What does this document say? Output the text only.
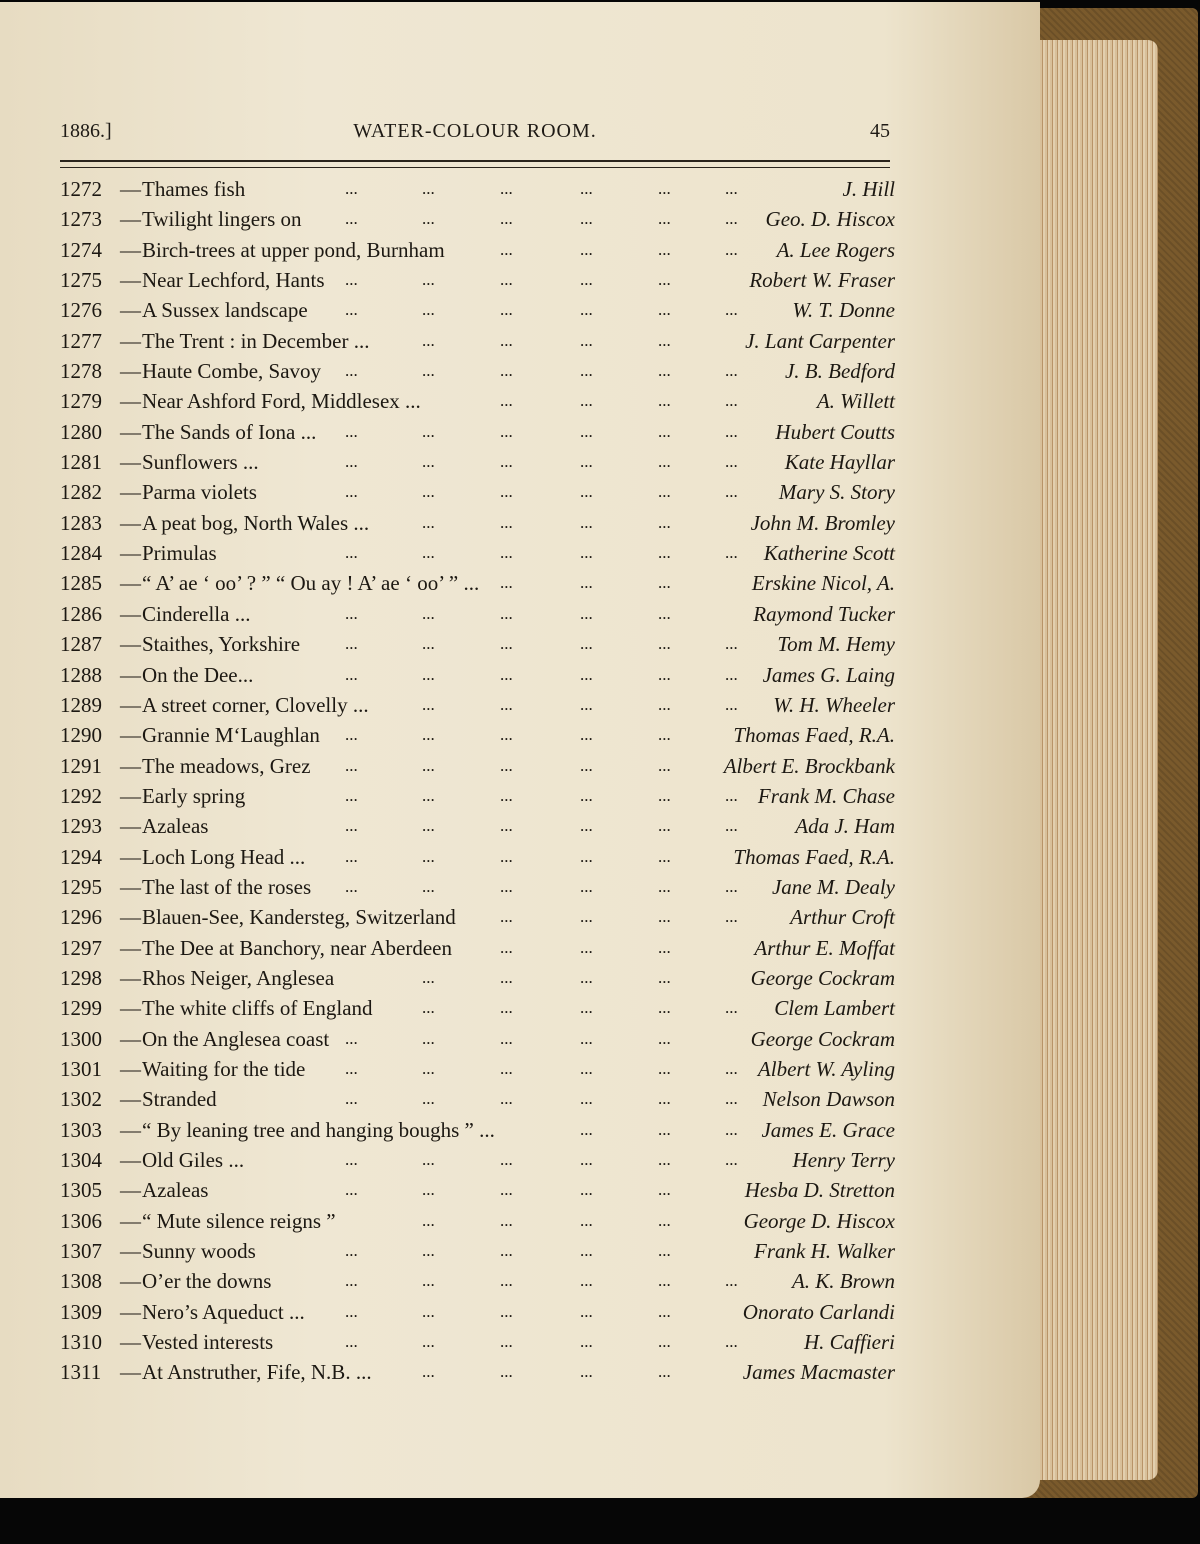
1886.]	WATER-COLOUR ROOM.	45
1272 — Thames fish	J. Hill
...	...	...	...	...	...
1273 — Twilight lingers on	Geo. D. Hiscox
...	...	...	...	...	...
1274 — Birch-trees at upper pond, Burnham	A. Lee Rogers
...	...	...	...
1275 — Near Lechford, Hants	Robert W. Fraser
...	...	...	...	...
1276 — A Sussex landscape	W. T. Donne
...	...	...	...	...	...
1277 — The Trent : in December ...	J. Lant Carpenter
...	...	...	...
1278 — Haute Combe, Savoy	J. B. Bedford
...	...	...	...	...	...
1279 — Near Ashford Ford, Middlesex ...	A. Willett
...	...	...	...
1280 — The Sands of Iona ...	Hubert Coutts
...	...	...	...	...	...
1281 — Sunflowers ...	Kate Hayllar
...	...	...	...	...	...
1282 — Parma violets	Mary S. Story
...	...	...	...	...	...
1283 — A peat bog, North Wales ...	John M. Bromley
...	...	...	...
1284 — Primulas	Katherine Scott
...	...	...	...	...	...
1285 — “ A’ ae ‘ oo’ ? ” “ Ou ay ! A’ ae ‘ oo’ ” ...	Erskine Nicol, A.
...	...	...
1286 — Cinderella ...	Raymond Tucker
...	...	...	...	...
1287 — Staithes, Yorkshire	Tom M. Hemy
...	...	...	...	...	...
1288 — On the Dee...	James G. Laing
...	...	...	...	...	...
1289 — A street corner, Clovelly ...	W. H. Wheeler
...	...	...	...	...
1290 — Grannie M‘Laughlan	Thomas Faed, R.A.
...	...	...	...	...
1291 — The meadows, Grez	Albert E. Brockbank
...	...	...	...	...
1292 — Early spring	Frank M. Chase
...	...	...	...	...	...
1293 — Azaleas	Ada J. Ham
...	...	...	...	...	...
1294 — Loch Long Head ...	Thomas Faed, R.A.
...	...	...	...	...
1295 — The last of the roses	Jane M. Dealy
...	...	...	...	...	...
1296 — Blauen-See, Kandersteg, Switzerland	Arthur Croft
...	...	...	...
1297 — The Dee at Banchory, near Aberdeen	Arthur E. Moffat
...	...	...
1298 — Rhos Neiger, Anglesea	George Cockram
...	...	...	...
1299 — The white cliffs of England	Clem Lambert
...	...	...	...	...
1300 — On the Anglesea coast	George Cockram
...	...	...	...	...
1301 — Waiting for the tide	Albert W. Ayling
...	...	...	...	...	...
1302 — Stranded	Nelson Dawson
...	...	...	...	...	...
1303 — “ By leaning tree and hanging boughs ” ...	James E. Grace
...	...	...
1304 — Old Giles ...	Henry Terry
...	...	...	...	...	...
1305 — Azaleas	Hesba D. Stretton
...	...	...	...	...
1306 — “ Mute silence reigns ”	George D. Hiscox
...	...	...	...
1307 — Sunny woods	Frank H. Walker
...	...	...	...	...
1308 — O’er the downs	A. K. Brown
...	...	...	...	...	...
1309 — Nero’s Aqueduct ...	Onorato Carlandi
...	...	...	...	...
1310 — Vested interests	H. Caffieri
...	...	...	...	...	...
1311 — At Anstruther, Fife, N.B. ...	James Macmaster
...	...	...	...
